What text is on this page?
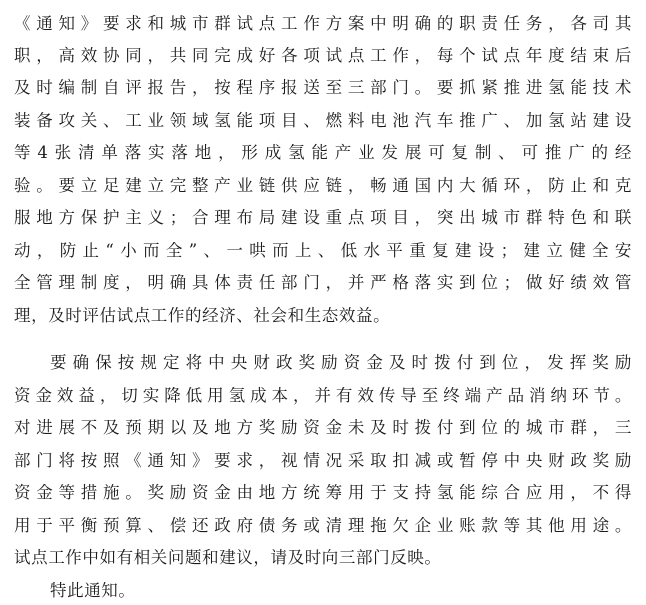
《通知》要求和城市群试点工作方案中明确的职责任务，各司其
职，高效协同，共同完成好各项试点工作，每个试点年度结束后
及时编制自评报告，按程序报送至三部门。要抓紧推进氢能技术
装备攻关、工业领域氢能项目、燃料电池汽车推广、加氢站建设
等4张清单落实落地，形成氢能产业发展可复制、可推广的经
验。要立足建立完整产业链供应链，畅通国内大循环，防止和克
服地方保护主义；合理布局建设重点项目，突出城市群特色和联
动，防止“小而全”、一哄而上、低水平重复建设；建立健全安
全管理制度，明确具体责任部门，并严格落实到位；做好绩效管
理，及时评估试点工作的经济、社会和生态效益。
要确保按规定将中央财政奖励资金及时拨付到位，发挥奖励
资金效益，切实降低用氢成本，并有效传导至终端产品消纳环节。
对进展不及预期以及地方奖励资金未及时拨付到位的城市群，三
部门将按照《通知》要求，视情况采取扣减或暂停中央财政奖励
资金等措施。奖励资金由地方统筹用于支持氢能综合应用，不得
用于平衡预算、偿还政府债务或清理拖欠企业账款等其他用途。
试点工作中如有相关问题和建议，请及时向三部门反映。
特此通知。
